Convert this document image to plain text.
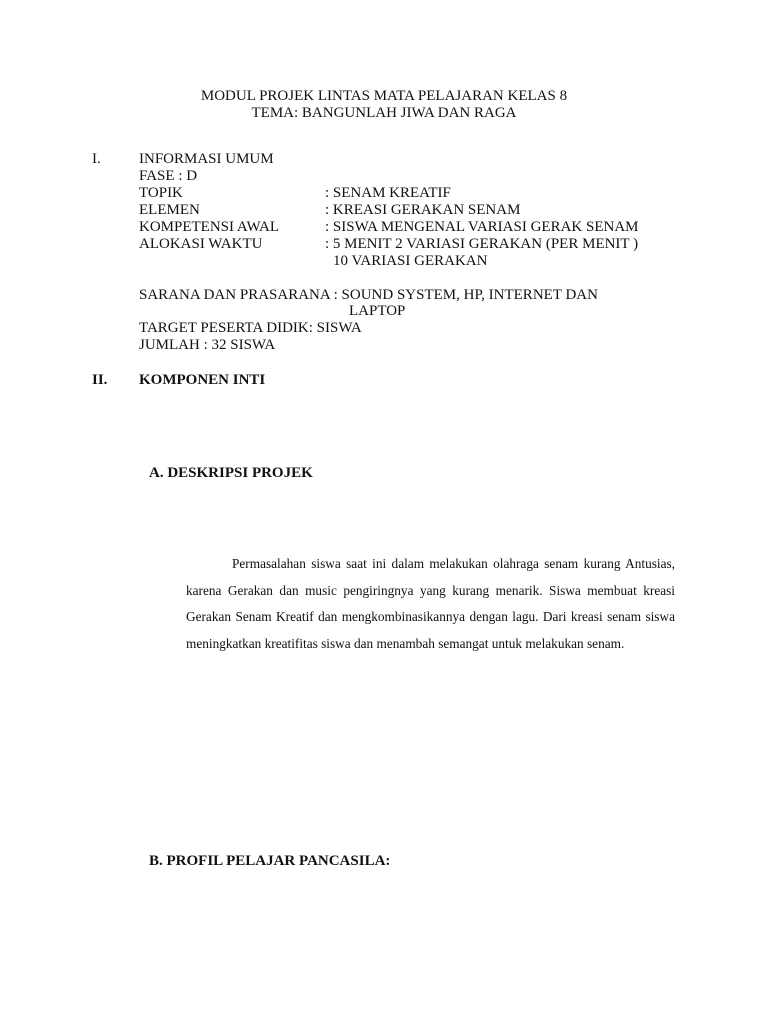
MODUL PROJEK LINTAS MATA PELAJARAN KELAS 8
TEMA: BANGUNLAH JIWA DAN RAGA
I.	INFORMASI UMUM
FASE : D
TOPIK	: SENAM KREATIF
ELEMEN	: KREASI GERAKAN SENAM
KOMPETENSI AWAL	: SISWA MENGENAL VARIASI GERAK SENAM
ALOKASI WAKTU	: 5 MENIT 2 VARIASI GERAKAN (PER MENIT )
10 VARIASI GERAKAN
SARANA DAN PRASARANA : SOUND SYSTEM, HP, INTERNET DAN
LAPTOP
TARGET PESERTA DIDIK: SISWA
JUMLAH : 32 SISWA
II. KOMPONEN INTI
A. DESKRIPSI PROJEK

Permasalahan siswa saat ini dalam melakukan olahraga senam kurang Antusias, karena Gerakan dan music pengiringnya yang kurang menarik. Siswa membuat kreasi Gerakan Senam Kreatif dan mengkombinasikannya dengan lagu. Dari kreasi senam siswa meningkatkan kreatifitas siswa dan menambah semangat untuk melakukan senam.

B. PROFIL PELAJAR PANCASILA:
